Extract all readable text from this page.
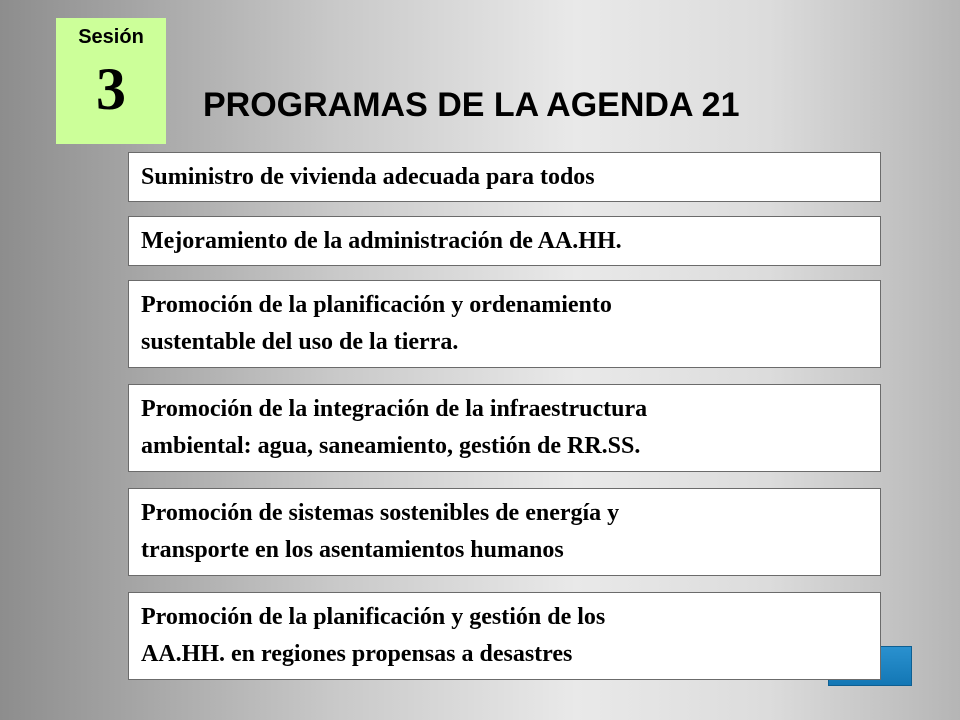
Sesión
3	PROGRAMAS DE LA AGENDA 21
Suministro de vivienda adecuada para todos
Mejoramiento de la administración de AA.HH.
Promoción de la planificación y ordenamiento
sustentable del uso de la tierra.
Promoción de la integración de la infraestructura
ambiental: agua, saneamiento, gestión de RR.SS.
Promoción de sistemas sostenibles de energía y
transporte en los asentamientos humanos
Promoción de la planificación y gestión de los
AA.HH. en regiones propensas a desastres
